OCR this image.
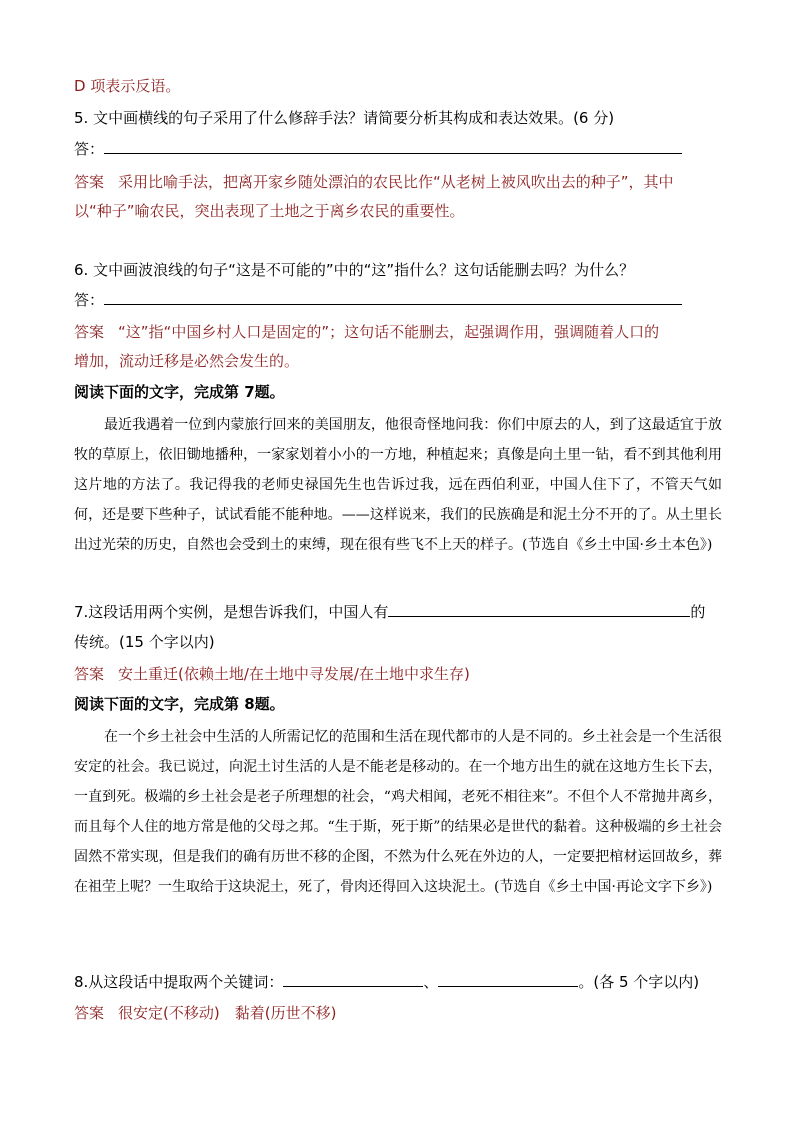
D 项表示反语。
5. 文中画横线的句子采用了什么修辞手法？请简要分析其构成和表达效果。(6 分)
答：
答案 采用比喻手法，把离开家乡随处漂泊的农民比作“从老树上被风吹出去的种子”，其中
以“种子”喻农民，突出表现了土地之于离乡农民的重要性。
6. 文中画波浪线的句子“这是不可能的”中的“这”指什么？这句话能删去吗？为什么？
答：
答案 “这”指“中国乡村人口是固定的”；这句话不能删去，起强调作用，强调随着人口的
增加，流动迁移是必然会发生的。
阅读下面的文字，完成第 7题。

最近我遇着一位到内蒙旅行回来的美国朋友，他很奇怪地问我：你们中原去的人，到了这最适宜于放牧的草原上，依旧锄地播种，一家家划着小小的一方地，种植起来；真像是向土里一钻，看不到其他利用这片地的方法了。我记得我的老师史禄国先生也告诉过我，远在西伯利亚，中国人住下了，不管天气如何，还是要下些种子，试试看能不能种地。——这样说来，我们的民族确是和泥土分不开的了。从土里长出过光荣的历史，自然也会受到土的束缚，现在很有些飞不上天的样子。(节选自《乡土中国·乡土本色》)

7.这段话用两个实例，是想告诉我们，中国人有	的
传统。(15 个字以内)
答案 安土重迁(依赖土地/在土地中寻发展/在土地中求生存)
阅读下面的文字，完成第 8题。

在一个乡土社会中生活的人所需记忆的范围和生活在现代都市的人是不同的。乡土社会是一个生活很安定的社会。我已说过，向泥土讨生活的人是不能老是移动的。在一个地方出生的就在这地方生长下去，一直到死。极端的乡土社会是老子所理想的社会，“鸡犬相闻，老死不相往来”。不但个人不常抛井离乡，而且每个人住的地方常是他的父母之邦。“生于斯，死于斯”的结果必是世代的黏着。这种极端的乡土社会固然不常实现，但是我们的确有历世不移的企图，不然为什么死在外边的人，一定要把棺材运回故乡，葬在祖茔上呢？一生取给于这块泥土，死了，骨肉还得回入这块泥土。(节选自《乡土中国·再论文字下乡》)

8.从这段话中提取两个关键词：	、	。(各 5 个字以内)
答案 很安定(不移动)　黏着(历世不移)
